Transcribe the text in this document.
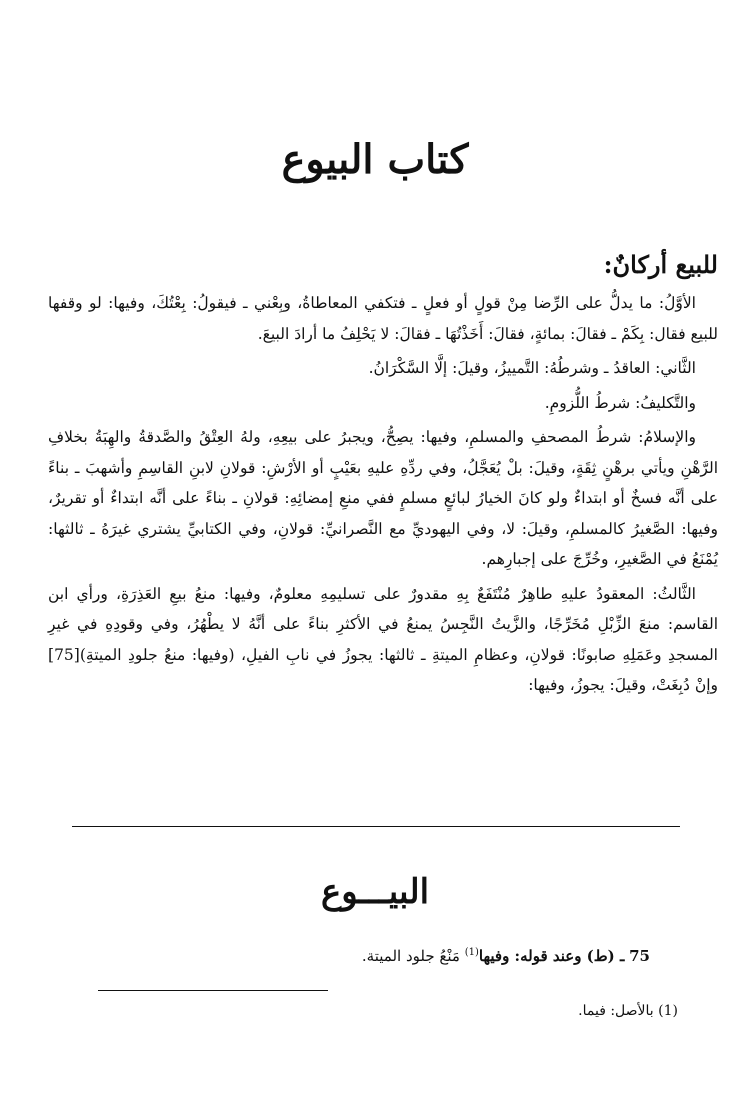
كتاب البيوع
للبيع أركانٌ:

الأوَّلُ: ما يدلُّ على الرِّضا مِنْ قولٍ أو فعلٍ ـ فتكفي المعاطاةُ، وبِعْني ـ فيقولُ: بِعْتُكَ، وفيها: لو وقفها للبيع فقال: بِكَمْ ـ فقالَ: بمائةٍ، فقالَ: أَخَذْتُهَا ـ فقالَ: لا يَحْلِفُ ما أرادَ البيعَ.

الثَّاني: العاقدُ ـ وشرطُهُ: التَّمييزُ، وقيلَ: إلَّا السَّكْرَانُ.

والتَّكليفُ: شرطُ اللُّزومِ.

والإسلامُ: شرطُ المصحفِ والمسلمِ، وفيها: يصِحُّ، ويجبرُ على بيعِهِ، ولهُ العِتْقُ والصَّدقةُ والهِبَةُ بخلافِ الرَّهْنِ ويأتي برهْنٍ ثِقَةٍ، وقيلَ: بلْ يُعَجَّلُ، وفي ردِّهِ عليهِ بعَيْبٍ أو الأرْشِ: قولانِ لابنِ القاسِمِ وأشهبَ ـ بناءً على أنَّه فسخٌ أو ابتداءٌ ولو كانَ الخيارُ لبائعٍ مسلمٍ ففي منعِ إمضائِهِ: قولانِ ـ بناءً على أنَّه ابتداءٌ أو تقريرٌ، وفيها: الصَّغيرُ كالمسلمِ، وقيلَ: لا، وفي اليهوديِّ مع النَّصرانيِّ: قولانِ، وفي الكتابيِّ يشتري غيرَهُ ـ ثالثها: يُمْنَعُ في الصَّغيرِ، وخُرِّجَ على إجبارِهم.

الثَّالثُ: المعقودُ عليهِ طاهِرٌ مُنْتَفَعٌ بِهِ مقدورٌ على تسليمِهِ معلومٌ، وفيها: منعُ بيعِ العَذِرَةِ، ورأي ابن القاسم: منعَ الزِّبْلِ مُخَرِّجًا، والزَّيتُ النَّجِسُ يمنعُ في الأكثرِ بناءً على أنَّهُ لا يطْهُرُ، وفي وقودِهِ في غيرِ المسجدِ وعَمَلِهِ صابونًا: قولانِ، وعظامِ الميتةِ ـ ثالثها: يجوزُ في نابِ الفيلِ، (وفيها: منعُ جلودِ الميتةِ)[75] وإنْ دُبِغَتْ، وقيلَ: يجوزُ، وفيها:

البيـــوع
75 ـ (ط) وعند قوله: وفيها$^{(1)}$ مَنْعُ جلود الميتة.
(1) بالأصل: فيما.
